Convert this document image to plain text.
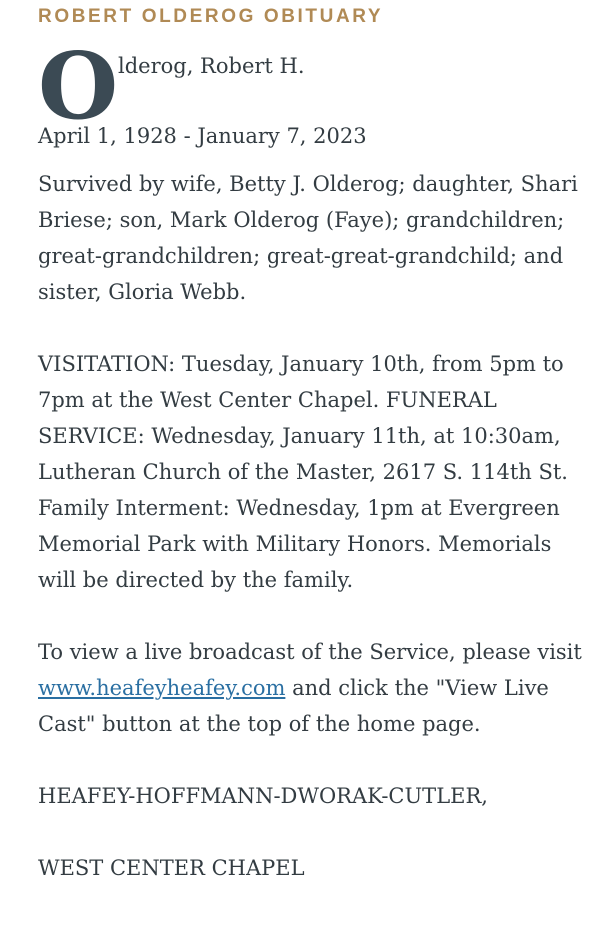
ROBERT OLDEROG OBITUARY
O lderog, Robert H.
April 1, 1928 - January 7, 2023

Survived by wife, Betty J. Olderog; daughter, Shari Briese; son, Mark Olderog (Faye); grandchildren; great-grandchildren; great-great-grandchild; and sister, Gloria Webb.

VISITATION: Tuesday, January 10th, from 5pm to 7pm at the West Center Chapel. FUNERAL SERVICE: Wednesday, January 11th, at 10:30am, Lutheran Church of the Master, 2617 S. 114th St. Family Interment: Wednesday, 1pm at Evergreen Memorial Park with Military Honors. Memorials will be directed by the family.

To view a live broadcast of the Service, please visit www.heafeyheafey.com and click the "View Live Cast" button at the top of the home page.

HEAFEY-HOFFMANN-DWORAK-CUTLER,

WEST CENTER CHAPEL
